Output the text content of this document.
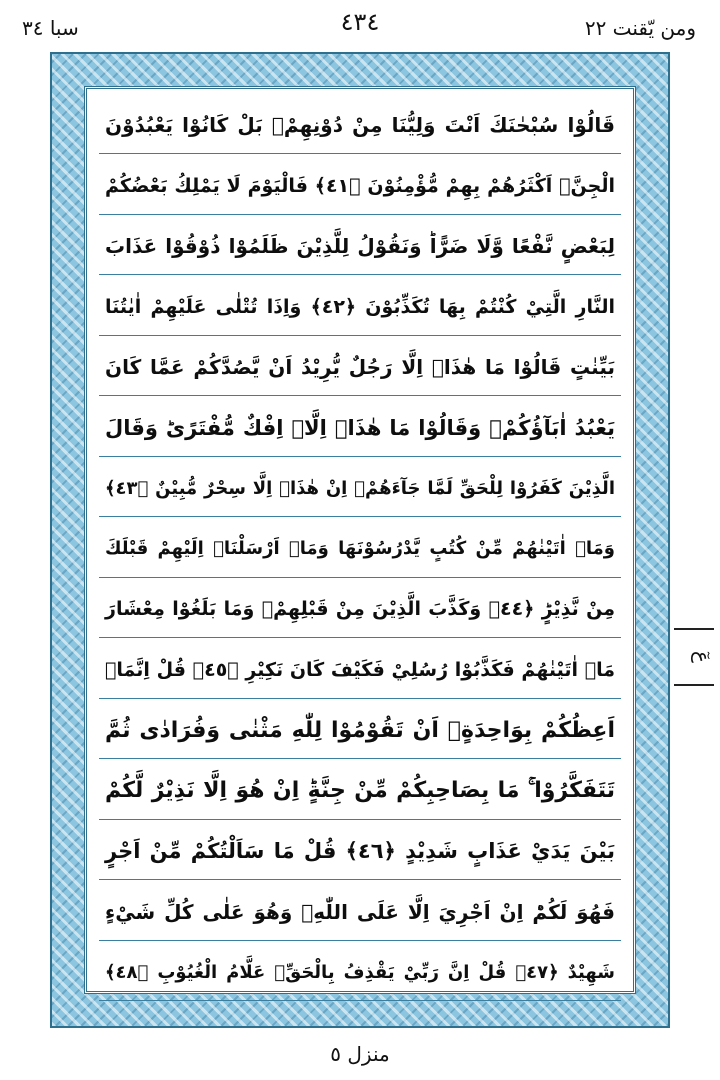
سبا ٣٤	٤٣٤	ومن يّقنت ٢٢
قَالُوْا سُبْحٰنَكَ اَنْتَ وَلِيُّنَا مِنْ دُوْنِهِمْۚ بَلْ كَانُوْا يَعْبُدُوْنَ
الْجِنَّۚ اَكْثَرُهُمْ بِهِمْ مُّؤْمِنُوْنَ ﴿٤١﴾ فَالْيَوْمَ لَا يَمْلِكُ بَعْضُكُمْ
لِبَعْضٍ نَّفْعًا وَّلَا ضَرًّاؕ وَنَقُوْلُ لِلَّذِيْنَ ظَلَمُوْا ذُوْقُوْا عَذَابَ
النَّارِ الَّتِيْ كُنْتُمْ بِهَا تُكَذِّبُوْنَ ﴿٤٢﴾ وَاِذَا تُتْلٰى عَلَيْهِمْ اٰيٰتُنَا
بَيِّنٰتٍ قَالُوْا مَا هٰذَاۤ اِلَّا رَجُلٌ يُّرِيْدُ اَنْ يَّصُدَّكُمْ عَمَّا كَانَ
يَعْبُدُ اٰبَآؤُكُمْۚ وَقَالُوْا مَا هٰذَاۤ اِلَّاۤ اِفْكٌ مُّفْتَرًىؕ وَقَالَ
الَّذِيْنَ كَفَرُوْا لِلْحَقِّ لَمَّا جَآءَهُمْۙ اِنْ هٰذَاۤ اِلَّا سِحْرٌ مُّبِيْنٌ ﴿٤٣﴾
وَمَاۤ اٰتَيْنٰهُمْ مِّنْ كُتُبٍ يَّدْرُسُوْنَهَا وَمَاۤ اَرْسَلْنَاۤ اِلَيْهِمْ قَبْلَكَ
مِنْ نَّذِيْرٍؕ ﴿٤٤﴾ وَكَذَّبَ الَّذِيْنَ مِنْ قَبْلِهِمْۙ وَمَا بَلَغُوْا مِعْشَارَ
مَاۤ اٰتَيْنٰهُمْ فَكَذَّبُوْا رُسُلِيْ فَكَيْفَ كَانَ نَكِيْرِ ﴿٤٥﴾ قُلْ اِنَّمَاۤ
اَعِظُكُمْ بِوَاحِدَةٍۚ اَنْ تَقُوْمُوْا لِلّٰهِ مَثْنٰى وَفُرَادٰى ثُمَّ
تَتَفَكَّرُوْا ۚ مَا بِصَاحِبِكُمْ مِّنْ جِنَّةٍؕ اِنْ هُوَ اِلَّا نَذِيْرٌ لَّكُمْ
بَيْنَ يَدَيْ عَذَابٍ شَدِيْدٍ ﴿٤٦﴾ قُلْ مَا سَاَلْتُكُمْ مِّنْ اَجْرٍ
فَهُوَ لَكُمْؕ اِنْ اَجْرِيَ اِلَّا عَلَى اللّٰهِۚ وَهُوَ عَلٰى كُلِّ شَيْءٍ
شَهِيْدٌ ﴿٤٧﴾ قُلْ اِنَّ رَبِّيْ يَقْذِفُ بِالْحَقِّۚ عَلَّامُ الْغُيُوْبِ ﴿٤٨﴾
عٓ
منزل ٥
